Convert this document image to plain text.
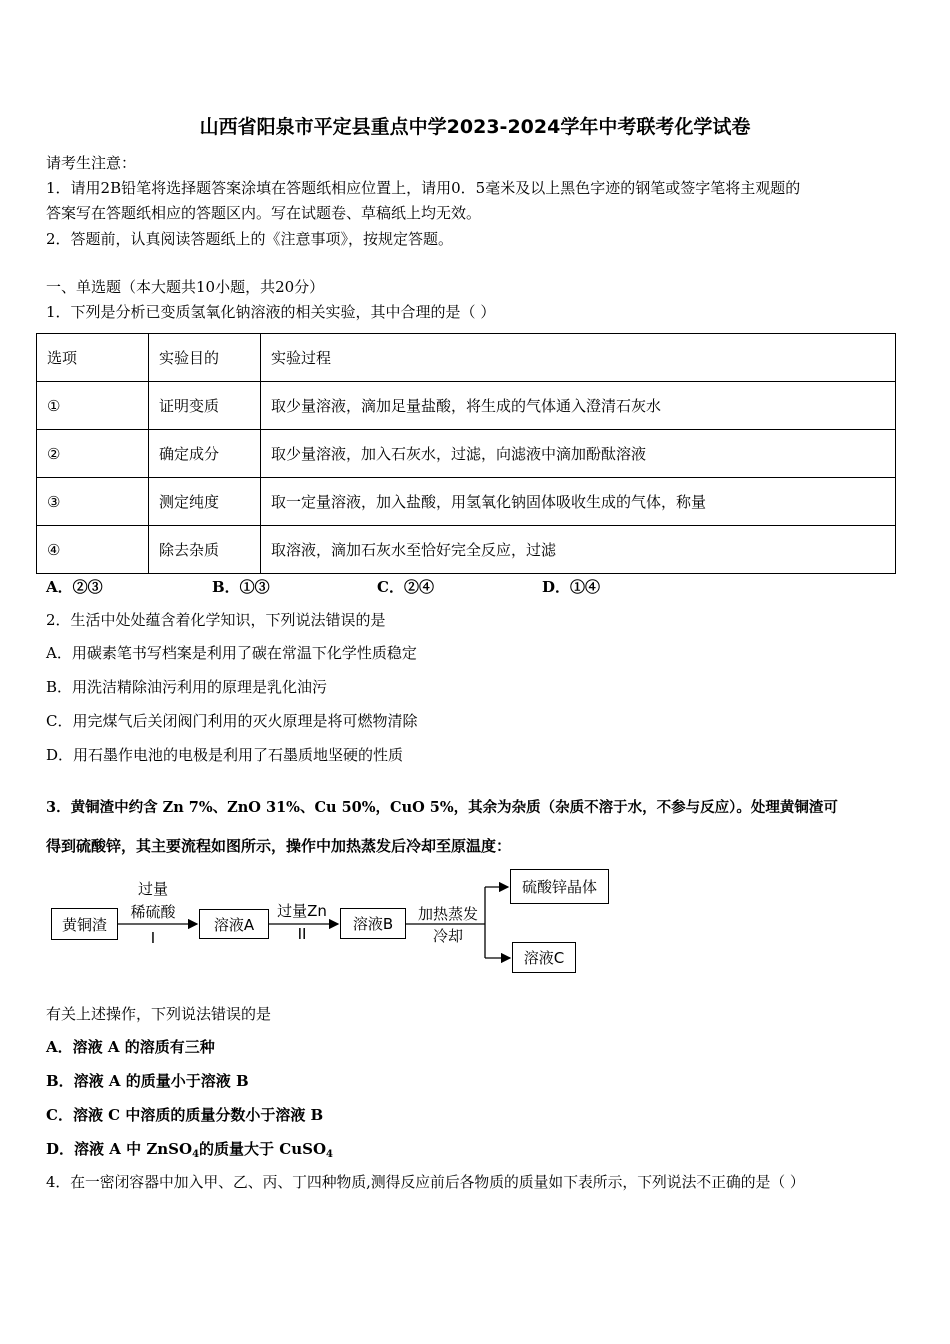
山西省阳泉市平定县重点中学2023-2024学年中考联考化学试卷
请考生注意：
1．请用2B铅笔将选择题答案涂填在答题纸相应位置上，请用0．5毫米及以上黑色字迹的钢笔或签字笔将主观题的
答案写在答题纸相应的答题区内。写在试题卷、草稿纸上均无效。
2．答题前，认真阅读答题纸上的《注意事项》，按规定答题。
一、单选题（本大题共10小题，共20分）
1．下列是分析已变质氢氧化钠溶液的相关实验，其中合理的是（ ）
选项	实验目的	实验过程
①	证明变质	取少量溶液，滴加足量盐酸，将生成的气体通入澄清石灰水
②	确定成分	取少量溶液，加入石灰水，过滤，向滤液中滴加酚酞溶液
③	测定纯度	取一定量溶液，加入盐酸，用氢氧化钠固体吸收生成的气体，称量
④	除去杂质	取溶液，滴加石灰水至恰好完全反应，过滤
A．②③	B．①③	C．②④	D．①④
2．生活中处处蕴含着化学知识，下列说法错误的是
A．用碳素笔书写档案是利用了碳在常温下化学性质稳定
B．用洗洁精除油污利用的原理是乳化油污
C．用完煤气后关闭阀门利用的灭火原理是将可燃物清除
D．用石墨作电池的电极是利用了石墨质地坚硬的性质
3．黄铜渣中约含 Zn 7%、ZnO 31%、Cu 50%，CuO 5%，其余为杂质（杂质不溶于水，不参与反应）。处理黄铜渣可
得到硫酸锌，其主要流程如图所示，操作中加热蒸发后冷却至原温度：
黄铜渣
过量
稀硫酸
I
溶液A
过量Zn
II
溶液B
加热蒸发
冷却
硫酸锌晶体
溶液C
有关上述操作，下列说法错误的是
A．溶液 A 的溶质有三种
B．溶液 A 的质量小于溶液 B
C．溶液 C 中溶质的质量分数小于溶液 B
D．溶液 A 中 ZnSO$_4$的质量大于 CuSO$_4$
4．在一密闭容器中加入甲、乙、丙、丁四种物质,测得反应前后各物质的质量如下表所示，下列说法不正确的是（ ）
